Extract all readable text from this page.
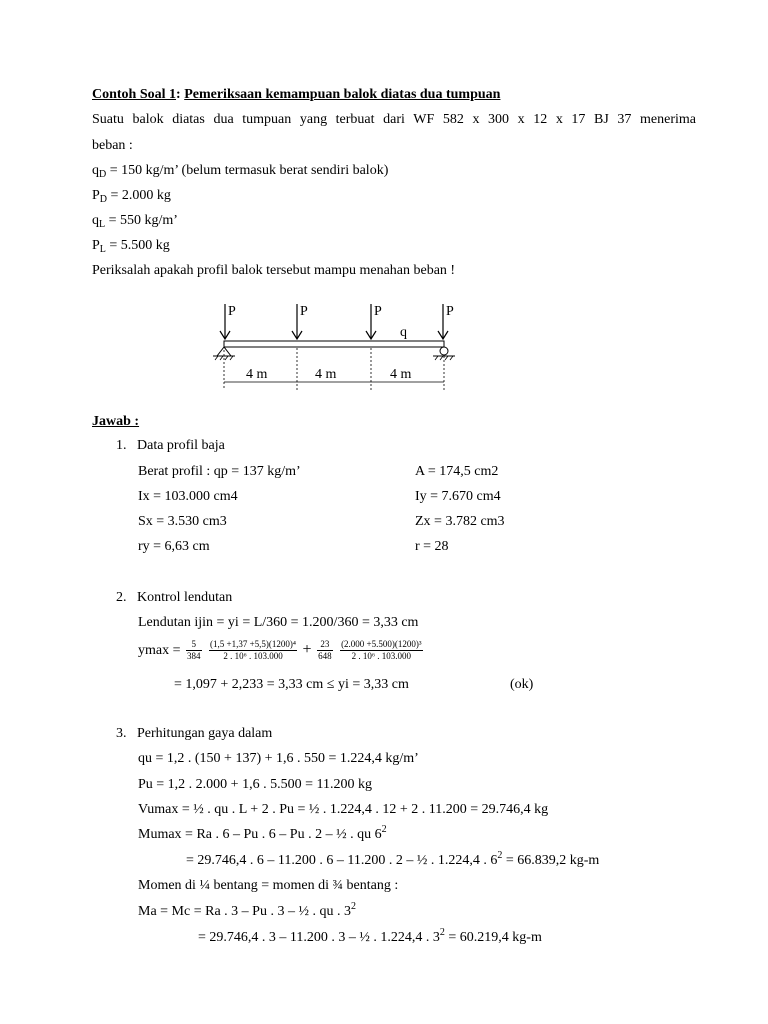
Contoh Soal 1: Pemeriksaan kemampuan balok diatas dua tumpuan
Suatu balok diatas dua tumpuan yang terbuat dari WF 582 x 300 x 12 x 17 BJ 37 menerima
beban :
$q_D = 150$ kg/m’ (belum termasuk berat sendiri balok)
$P_D = 2.000$ kg
$q_L = 550$ kg/m’
$P_L = 5.500$ kg
Periksalah apakah profil balok tersebut mampu menahan beban !
P	P	P	P
q
4 m	4 m	4 m
Jawab :
1.   Data profil baja
Berat profil : qp = 137 kg/m’	A = 174,5 cm2
Ix = 103.000 cm4	Iy = 7.670 cm4
Sx = 3.530 cm3	Zx = 3.782 cm3
ry = 6,63 cm	r = 28
2.   Kontrol lendutan
Lendutan ijin = yi = L/360 = 1.200/360 = 3,33 cm
$ymax = \frac{5}{384}$
$\frac{\text{(1,5 +1,37 +5,5)(1200)⁴}}{\text{2 . 10⁶ . 103.000}} + \frac{23}{648}$
$\frac{\text{(2.000 +5.500)(1200)³}}{\text{2 . 10⁶ . 103.000}}$
= 1,097 + 2,233 = 3,33 cm ≤ yi = 3,33 cm	(ok)
3.   Perhitungan gaya dalam
qu = 1,2 . (150 + 137) + 1,6 . 550 = 1.224,4 kg/m’
Pu = 1,2 . 2.000 + 1,6 . 5.500 = 11.200 kg
Vumax = ½ . qu . L + 2 . Pu = ½ . 1.224,4 . 12 + 2 . 11.200 = 29.746,4 kg
Mumax = Ra . 6 – Pu . 6 – Pu . 2 – ½ . qu $6^2$
= 29.746,4 . 6 – 11.200 . 6 – 11.200 . 2 – ½ . 1.224,4 . $6^2 = 66.839,2$ kg-m
Momen di ¼ bentang = momen di ¾ bentang :
Ma = Mc = Ra . 3 – Pu . 3 – ½ . qu . $3^2$
= 29.746,4 . 3 – 11.200 . 3 – ½ . 1.224,4 . $3^2 = 60.219,4$ kg-m
